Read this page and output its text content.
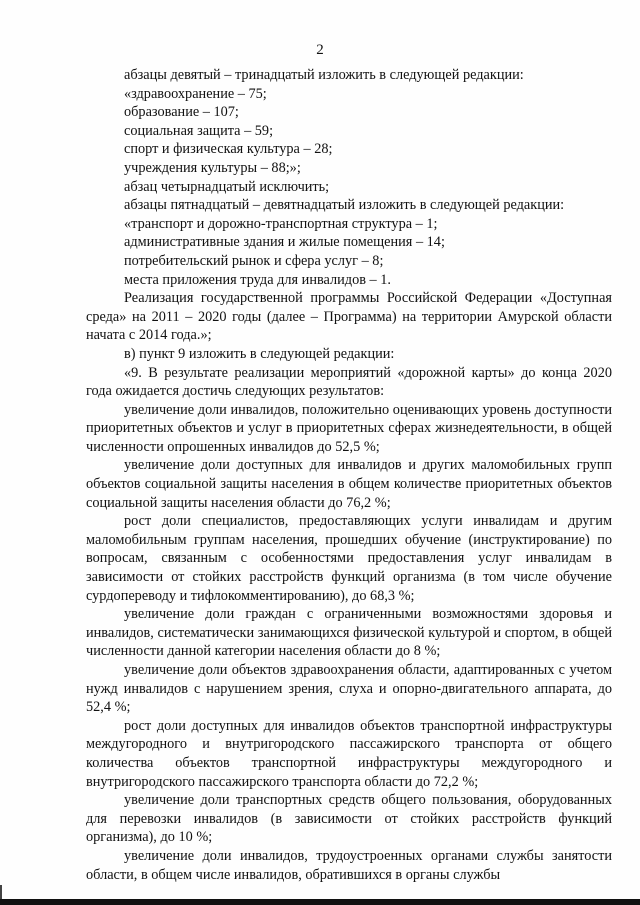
2

абзацы девятый – тринадцатый изложить в следующей редакции:

«здравоохранение – 75;

образование – 107;

социальная защита – 59;

спорт и физическая культура – 28;

учреждения культуры – 88;»;

абзац четырнадцатый исключить;

абзацы пятнадцатый – девятнадцатый изложить в следующей редакции:

«транспорт и дорожно-транспортная структура – 1;

административные здания и жилые помещения – 14;

потребительский рынок и сфера услуг – 8;

места приложения труда для инвалидов – 1.

Реализация государственной программы Российской Федерации «Доступная среда» на 2011 – 2020 годы (далее – Программа) на территории Амурской области начата с 2014 года.»;

в) пункт 9 изложить в следующей редакции:

«9. В результате реализации мероприятий «дорожной карты» до конца 2020 года ожидается достичь следующих результатов:

увеличение доли инвалидов, положительно оценивающих уровень доступности приоритетных объектов и услуг в приоритетных сферах жизнедеятельности, в общей численности опрошенных инвалидов до 52,5 %;

увеличение доли доступных для инвалидов и других маломобильных групп объектов социальной защиты населения в общем количестве приоритетных объектов социальной защиты населения области до 76,2 %;

рост доли специалистов, предоставляющих услуги инвалидам и другим маломобильным группам населения, прошедших обучение (инструктирование) по вопросам, связанным с особенностями предоставления услуг инвалидам в зависимости от стойких расстройств функций организма (в том числе обучение сурдопереводу и тифлокомментированию), до 68,3 %;

увеличение доли граждан с ограниченными возможностями здоровья и инвалидов, систематически занимающихся физической культурой и спортом, в общей численности данной категории населения области до 8 %;

увеличение доли объектов здравоохранения области, адаптированных с учетом нужд инвалидов с нарушением зрения, слуха и опорно-двигательного аппарата, до 52,4 %;

рост доли доступных для инвалидов объектов транспортной инфраструктуры междугородного и внутригородского пассажирского транспорта от общего количества объектов транспортной инфраструктуры междугородного и внутригородского пассажирского транспорта области до 72,2 %;

увеличение доли транспортных средств общего пользования, оборудованных для перевозки инвалидов (в зависимости от стойких расстройств функций организма), до 10 %;

увеличение доли инвалидов, трудоустроенных органами службы занятости области, в общем числе инвалидов, обратившихся в органы службы
